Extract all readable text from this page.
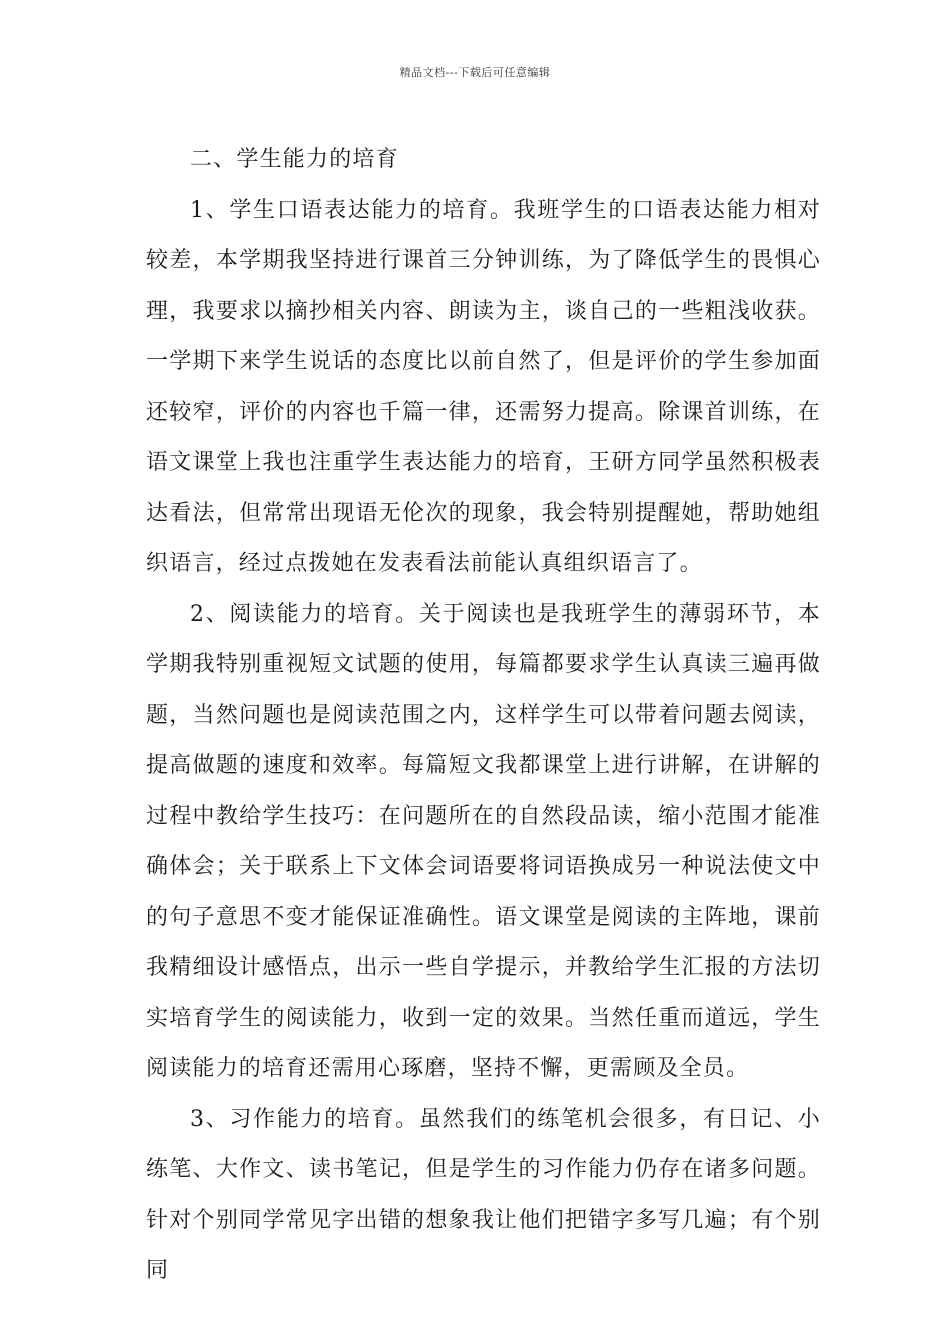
精品文档---下载后可任意编辑

二、学生能力的培育

1、学生口语表达能力的培育。我班学生的口语表达能力相对较差，本学期我坚持进行课首三分钟训练，为了降低学生的畏惧心理，我要求以摘抄相关内容、朗读为主，谈自己的一些粗浅收获。一学期下来学生说话的态度比以前自然了，但是评价的学生参加面还较窄，评价的内容也千篇一律，还需努力提高。除课首训练，在语文课堂上我也注重学生表达能力的培育，王研方同学虽然积极表达看法，但常常出现语无伦次的现象，我会特别提醒她，帮助她组织语言，经过点拨她在发表看法前能认真组织语言了。

2、阅读能力的培育。关于阅读也是我班学生的薄弱环节，本学期我特别重视短文试题的使用，每篇都要求学生认真读三遍再做题，当然问题也是阅读范围之内，这样学生可以带着问题去阅读，提高做题的速度和效率。每篇短文我都课堂上进行讲解，在讲解的过程中教给学生技巧：在问题所在的自然段品读，缩小范围才能准确体会；关于联系上下文体会词语要将词语换成另一种说法使文中的句子意思不变才能保证准确性。语文课堂是阅读的主阵地，课前我精细设计感悟点，出示一些自学提示，并教给学生汇报的方法切实培育学生的阅读能力，收到一定的效果。当然任重而道远，学生阅读能力的培育还需用心琢磨，坚持不懈，更需顾及全员。

3、习作能力的培育。虽然我们的练笔机会很多，有日记、小练笔、大作文、读书笔记，但是学生的习作能力仍存在诸多问题。针对个别同学常见字出错的想象我让他们把错字多写几遍；有个别同
